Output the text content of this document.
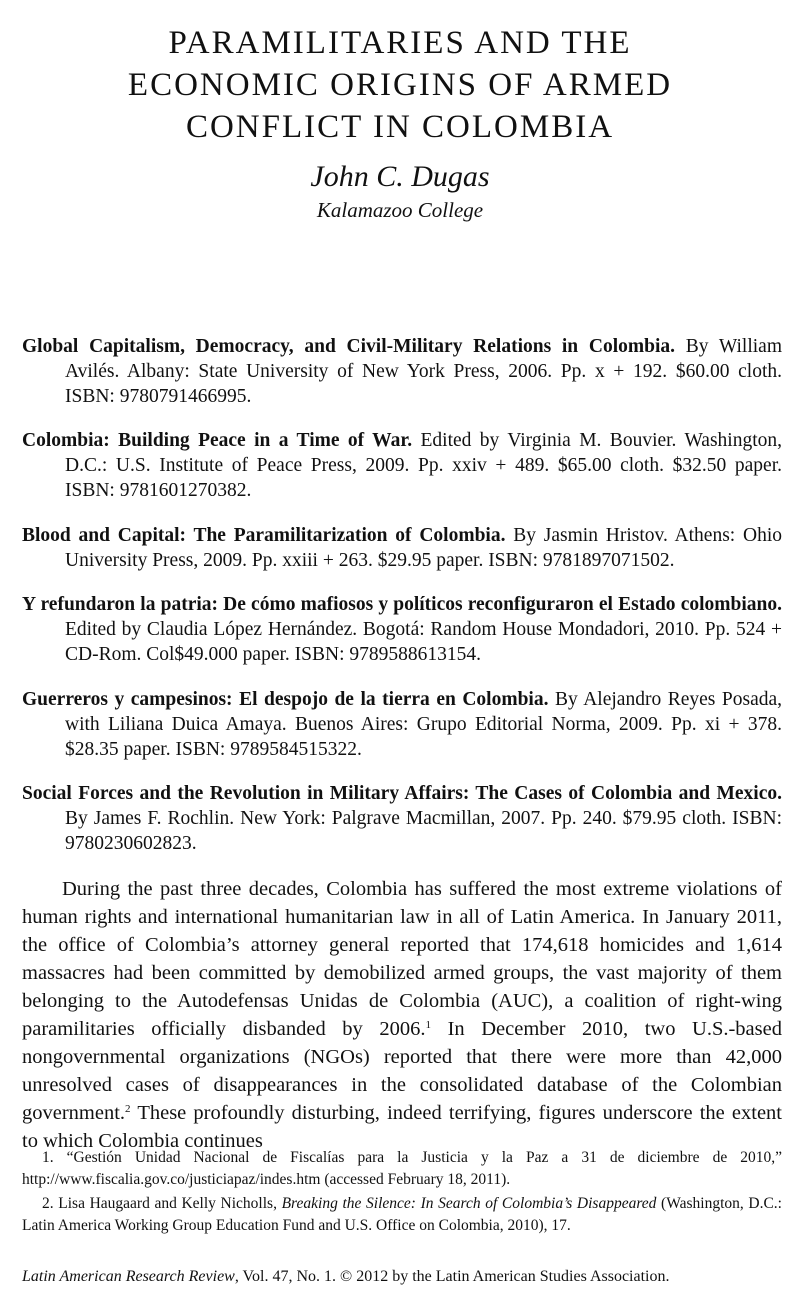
PARAMILITARIES AND THE
ECONOMIC ORIGINS OF ARMED
CONFLICT IN COLOMBIA
John C. Dugas
Kalamazoo College

Global Capitalism, Democracy, and Civil-Military Relations in Colombia. By William Avilés. Albany: State University of New York Press, 2006. Pp. x + 192. $60.00 cloth. ISBN: 9780791466995.

Colombia: Building Peace in a Time of War. Edited by Virginia M. Bouvier. Washington, D.C.: U.S. Institute of Peace Press, 2009. Pp. xxiv + 489. $65.00 cloth. $32.50 paper. ISBN: 9781601270382.

Blood and Capital: The Paramilitarization of Colombia. By Jasmin Hristov. Athens: Ohio University Press, 2009. Pp. xxiii + 263. $29.95 paper. ISBN: 9781897071502.

Y refundaron la patria: De cómo mafiosos y políticos reconfiguraron el Estado colombiano. Edited by Claudia López Hernández. Bogotá: Random House Mondadori, 2010. Pp. 524 + CD-Rom. Col$49.000 paper. ISBN: 9789588613154.

Guerreros y campesinos: El despojo de la tierra en Colombia. By Alejandro Reyes Posada, with Liliana Duica Amaya. Buenos Aires: Grupo Editorial Norma, 2009. Pp. xi + 378. $28.35 paper. ISBN: 9789584515322.

Social Forces and the Revolution in Military Affairs: The Cases of Colombia and Mexico. By James F. Rochlin. New York: Palgrave Macmillan, 2007. Pp. 240. $79.95 cloth. ISBN: 9780230602823.

During the past three decades, Colombia has suffered the most extreme violations of human rights and international humanitarian law in all of Latin America. In January 2011, the office of Colombia’s attorney general reported that 174,618 homicides and 1,614 massacres had been committed by demobilized armed groups, the vast majority of them belonging to the Autodefensas Unidas de Colombia (AUC), a coalition of right-wing paramilitaries officially disbanded by 2006.$^1$ In December 2010, two U.S.-based nongovernmental organizations (NGOs) reported that there were more than 42,000 unresolved cases of disappearances in the consolidated database of the Colombian government.$^2$ These profoundly disturbing, indeed terrifying, figures underscore the extent to which Colombia continues

1. “Gestión Unidad Nacional de Fiscalías para la Justicia y la Paz a 31 de diciembre de 2010,” http://www.fiscalia.gov.co/justiciapaz/indes.htm (accessed February 18, 2011).

2. Lisa Haugaard and Kelly Nicholls, Breaking the Silence: In Search of Colombia’s Disappeared (Washington, D.C.: Latin America Working Group Education Fund and U.S. Office on Colombia, 2010), 17.

Latin American Research Review, Vol. 47, No. 1. © 2012 by the Latin American Studies Association.
